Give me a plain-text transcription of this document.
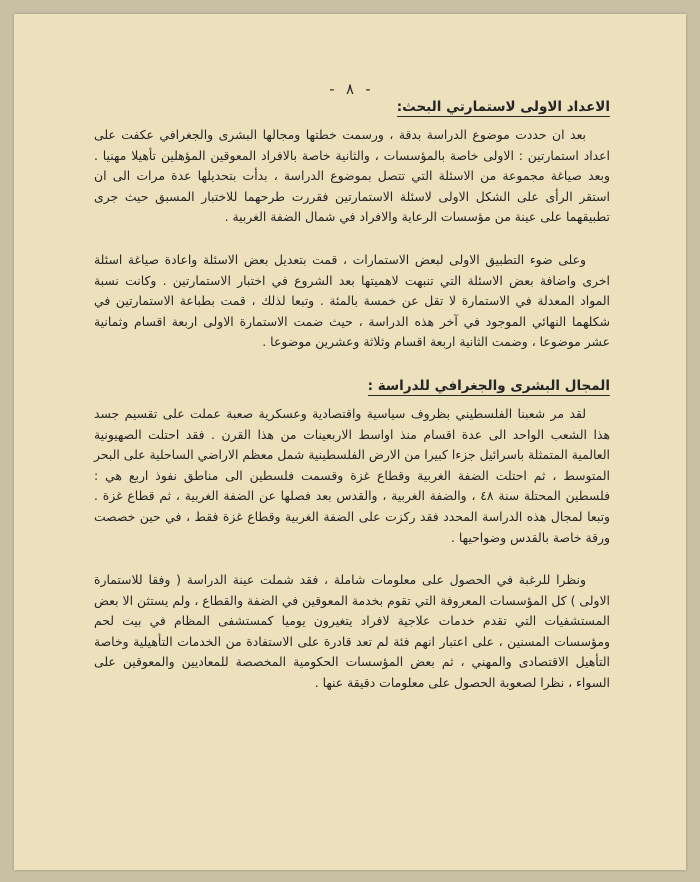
- ٨ -
الاعداد الاولى لاستمارتي البحث:

بعد ان حددت موضوع الدراسة بدقة ، ورسمت خطتها ومجالها البشرى والجغرافي عكفت على اعداد استمارتين : الاولى خاصة بالمؤسسات ، والثانية خاصة بالافراد المعوقين المؤهلين تأهيلا مهنيا . وبعد صياغة مجموعة من الاسئلة التي تتصل بموضوع الدراسة ، بدأت بتحديلها عدة مرات الى ان استقر الرأى على الشكل الاولى لاسئلة الاستمارتين فقررت طرحهما للاختبار المسبق حيث جرى تطبيقهما على عينة من مؤسسات الرعاية والافراد في شمال الضفة الغربية .

وعلى ضوء التطبيق الاولى لبعض الاستمارات ، قمت بتعديل بعض الاسئلة واعادة صياغة اسئلة اخرى واضافة بعض الاسئلة التي تنبهت لاهميتها بعد الشروع في اختبار الاستمارتين . وكانت نسبة المواد المعدلة في الاستمارة لا تقل عن خمسة بالمئة . وتبعا لذلك ، قمت بطباعة الاستمارتين في شكلهما النهائي الموجود في آخر هذه الدراسة ، حيث ضمت الاستمارة الاولى اربعة اقسام وثمانية عشر موضوعا ، وضمت الثانية اربعة اقسام وثلاثة وعشرين موضوعا .

المجال البشرى والجغرافي للدراسة :

لقد مر شعبنا الفلسطيني بظروف سياسية واقتصادية وعسكرية صعبة عملت على تقسيم جسد هذا الشعب الواحد الى عدة اقسام منذ اواسط الاربعينات من هذا القرن . فقد احتلت الصهيونية العالمية المتمثلة باسرائيل جزءا كبيرا من الارض الفلسطينية شمل معظم الاراضي الساحلية على البحر المتوسط ، ثم احتلت الضفة الغربية وقطاع غزة وقسمت فلسطين الى مناطق نفوذ اربع هي : فلسطين المحتلة سنة ٤٨ ، والضفة الغربية ، والقدس بعد فصلها عن الضفة الغربية ، ثم قطاع غزة . وتبعا لمجال هذه الدراسة المحدد فقد ركزت على الضفة الغربية وقطاع غزة فقط ، في حين خصصت ورقة خاصة بالقدس وضواحيها .

ونظرا للرغبة في الحصول على معلومات شاملة ، فقد شملت عينة الدراسة ( وفقا للاستمارة الاولى ) كل المؤسسات المعروفة التي تقوم بخدمة المعوقين في الضفة والقطاع ، ولم يستثن الا بعض المستشفيات التي تقدم خدمات علاجية لافراد يتغيرون يوميا كمستشفى المظام في بيت لحم ومؤسسات المسنين ، على اعتبار انهم فئة لم تعد قادرة على الاستفادة من الخدمات التأهيلية وخاصة التأهيل الاقتصادى والمهني ، ثم بعض المؤسسات الحكومية المخصصة للمعاديين والمعوقين على السواء ، نظرا لصعوبة الحصول على معلومات دقيقة عنها .
